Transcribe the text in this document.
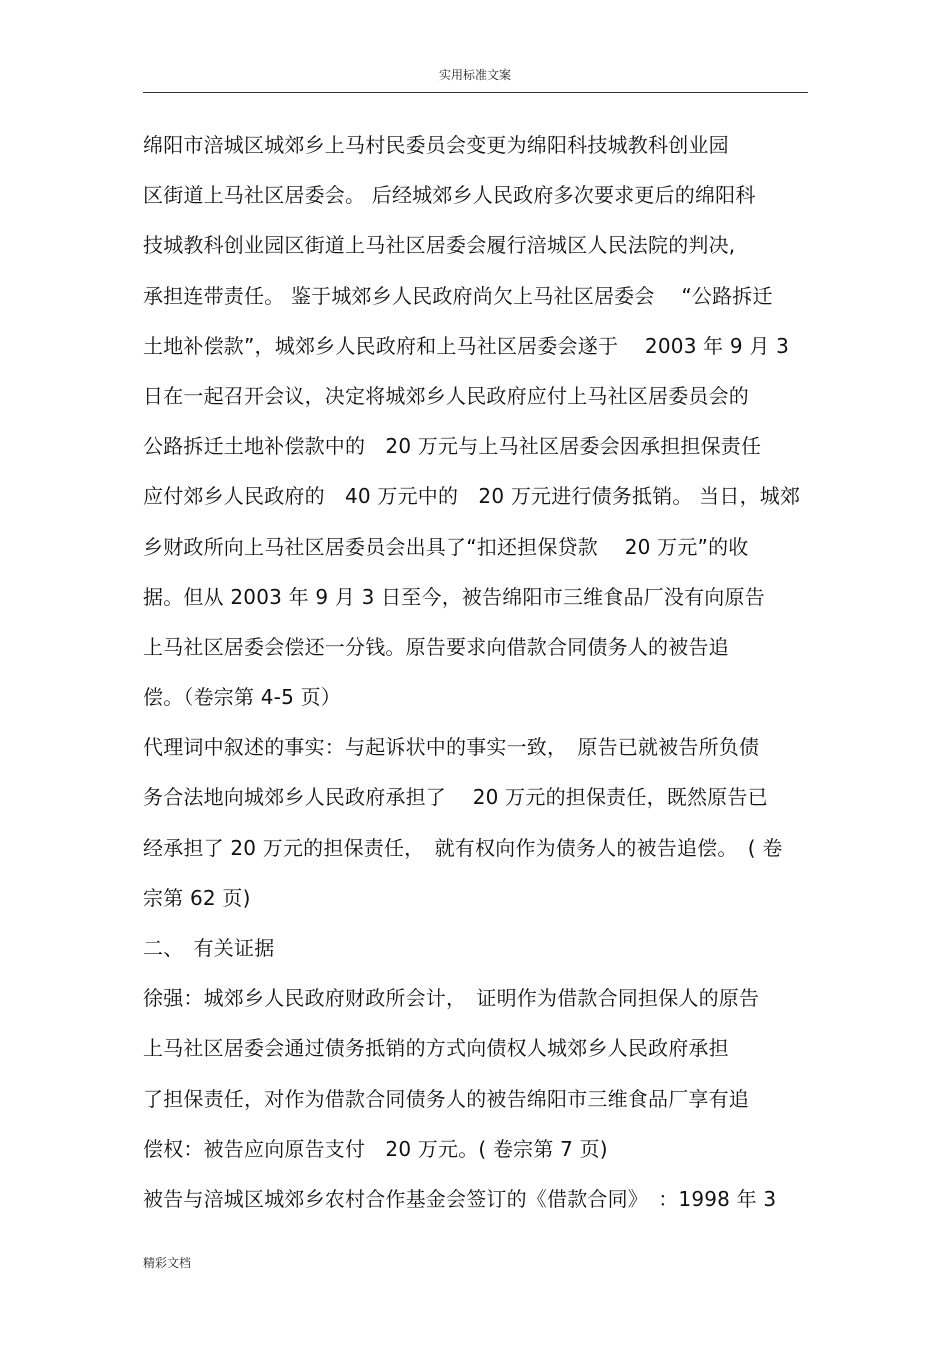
实用标准文案
绵阳市涪城区城郊乡上马村民委员会变更为绵阳科技城教科创业园
区街道上马社区居委会。 后经城郊乡人民政府多次要求更后的绵阳科
技城教科创业园区街道上马社区居委会履行涪城区人民法院的判决,
承担连带责任。 鉴于城郊乡人民政府尚欠上马社区居委会　 “公路拆迁
土地补偿款”，城郊乡人民政府和上马社区居委会遂于　 2003 年 9 月 3
日在一起召开会议，决定将城郊乡人民政府应付上马社区居委员会的
公路拆迁土地补偿款中的　20 万元与上马社区居委会因承担担保责任
应付郊乡人民政府的　40 万元中的　20 万元进行债务抵销。 当日，城郊
乡财政所向上马社区居委员会出具了“扣还担保贷款　 20 万元”的收
据。但从 2003 年 9 月 3 日至今，被告绵阳市三维食品厂没有向原告
上马社区居委会偿还一分钱。原告要求向借款合同债务人的被告追
偿。（卷宗第 4-5 页）
代理词中叙述的事实：与起诉状中的事实一致，　原告已就被告所负债
务合法地向城郊乡人民政府承担了　 20 万元的担保责任，既然原告已
经承担了 20 万元的担保责任，　就有权向作为债务人的被告追偿。　( 卷
宗第 62 页)
二、　有关证据
徐强：城郊乡人民政府财政所会计，　证明作为借款合同担保人的原告
上马社区居委会通过债务抵销的方式向债权人城郊乡人民政府承担
了担保责任，对作为借款合同债务人的被告绵阳市三维食品厂享有追
偿权：被告应向原告支付　20 万元。( 卷宗第 7 页)
被告与涪城区城郊乡农村合作基金会签订的《借款合同》　：1998 年 3
精彩文档
